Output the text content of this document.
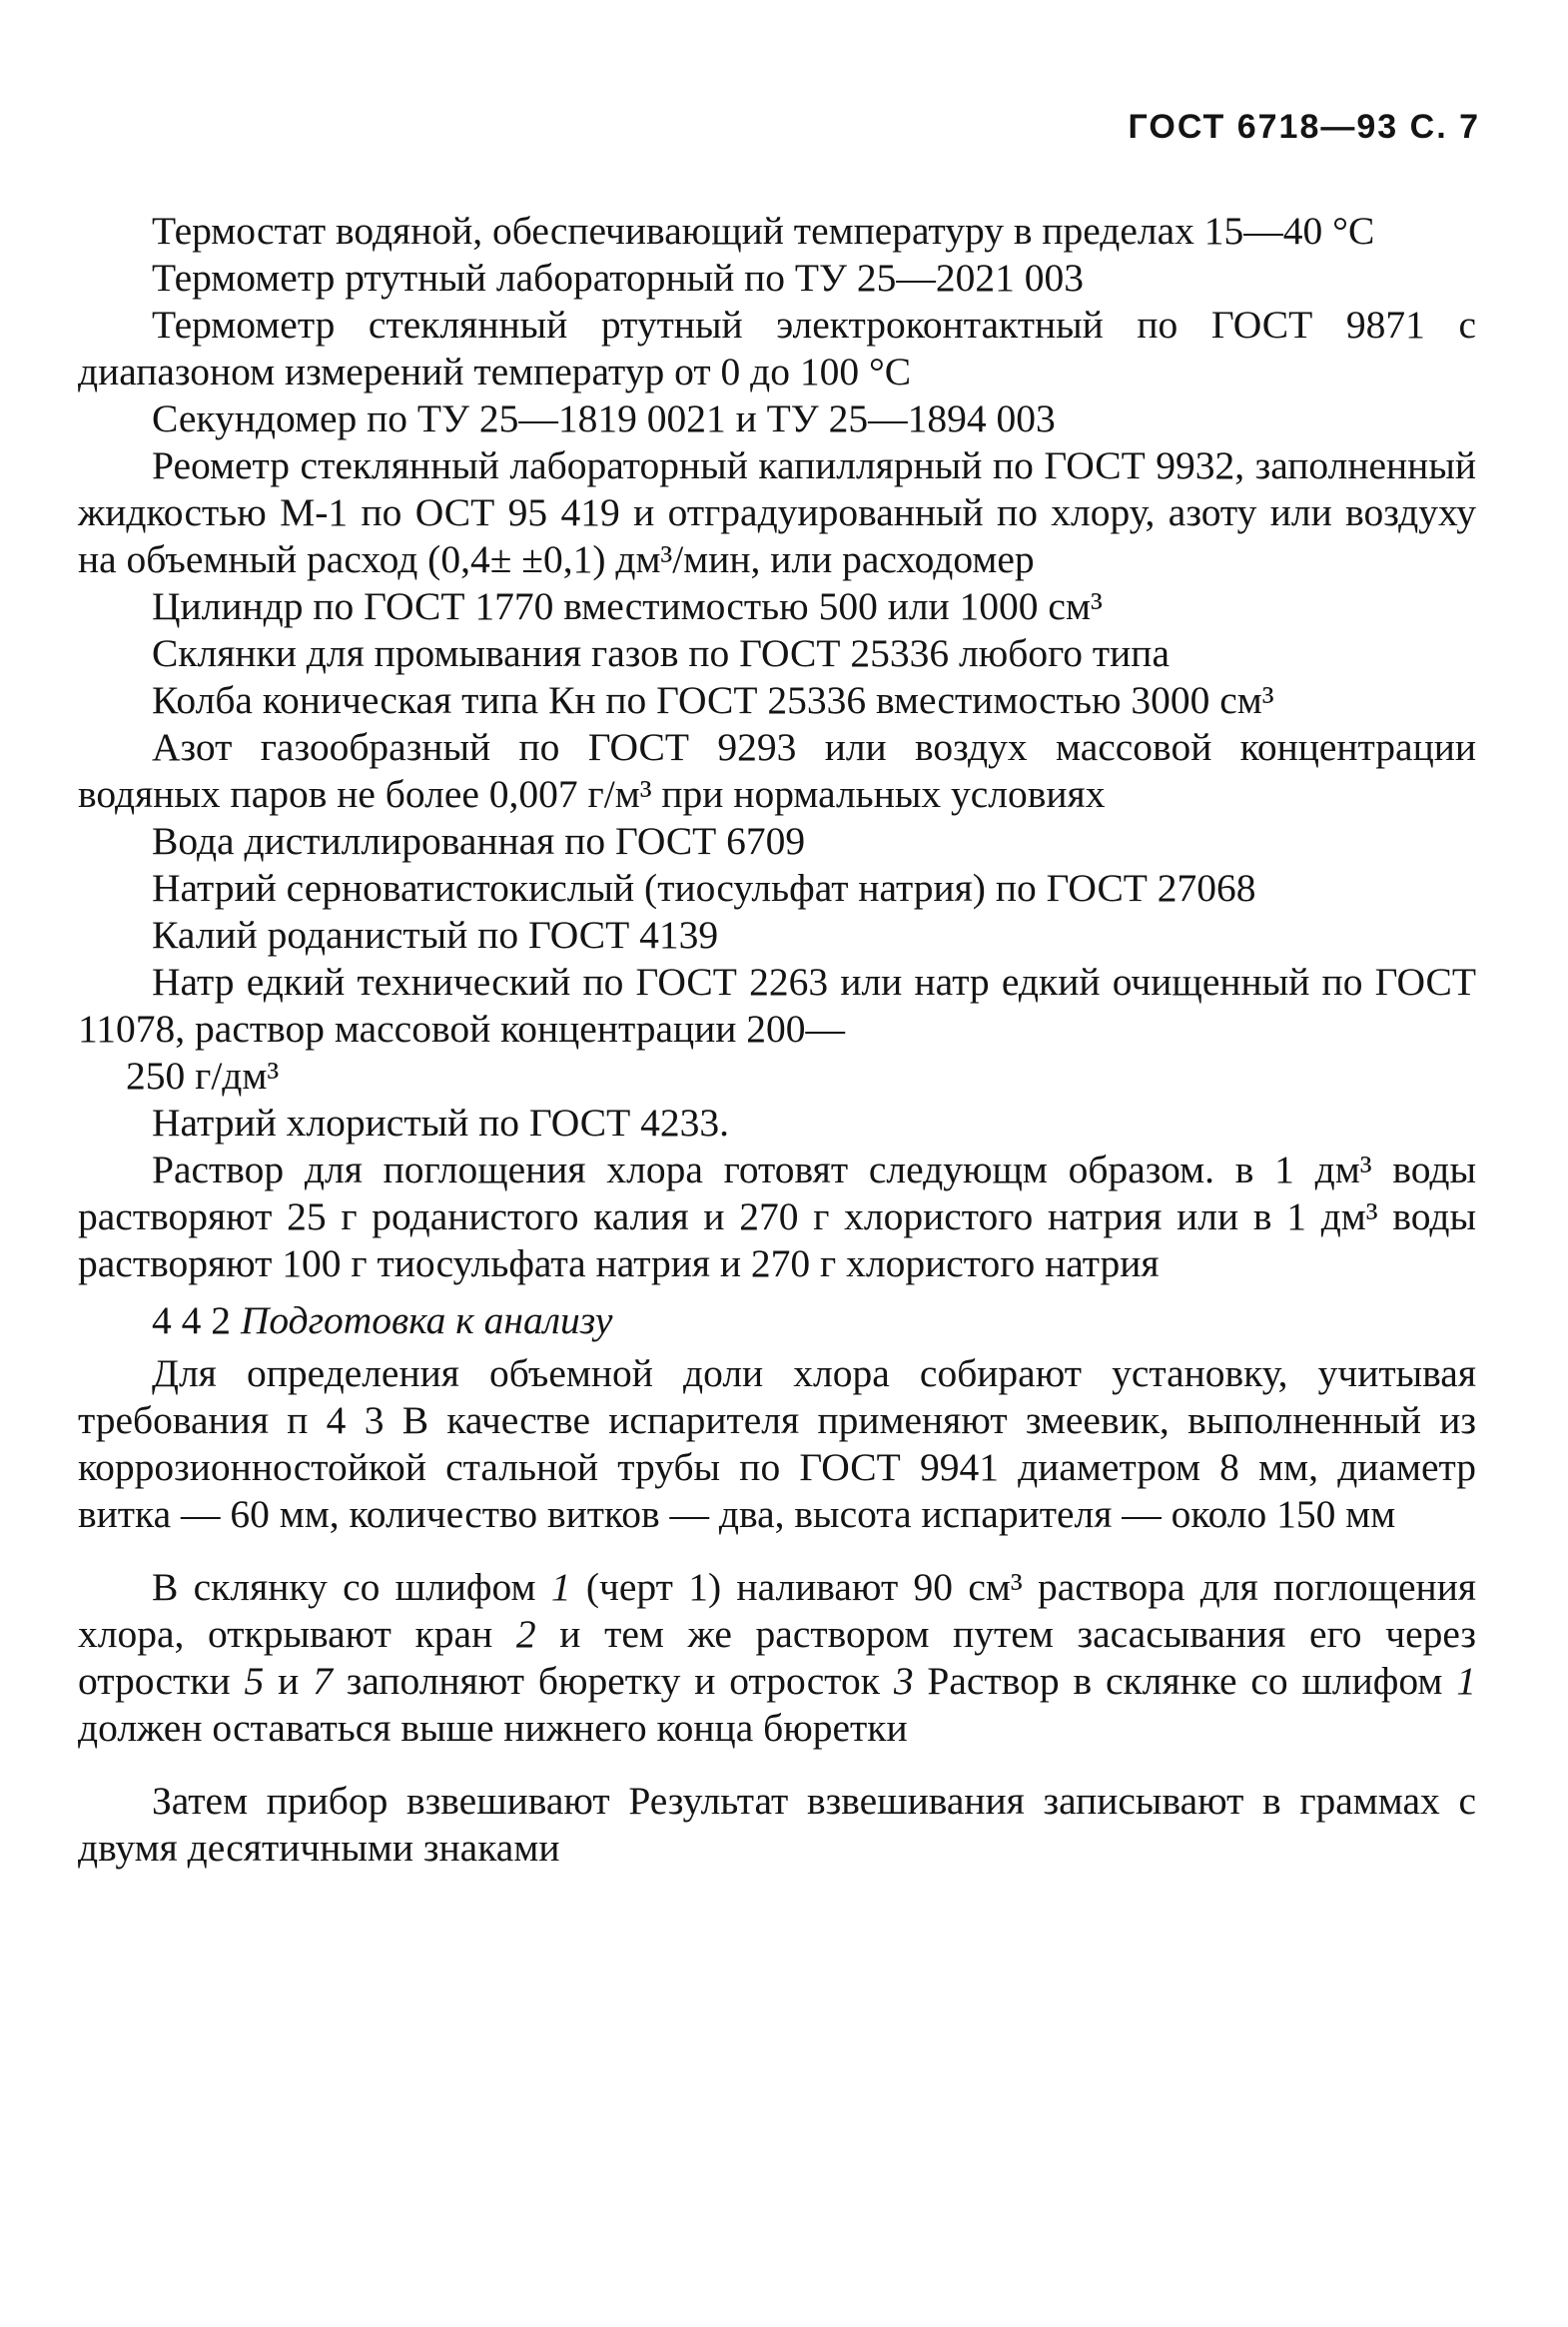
ГОСТ 6718—93 С. 7

Термостат водяной, обеспечивающий температуру в пределах 15—40 °С

Термометр ртутный лабораторный по ТУ 25—2021 003

Термометр стеклянный ртутный электроконтактный по ГОСТ 9871 с диапазоном измерений температур от 0 до 100 °С

Секундомер по ТУ 25—1819 0021 и ТУ 25—1894 003

Реометр стеклянный лабораторный капиллярный по ГОСТ 9932, заполненный жидкостью М-1 по ОСТ 95 419 и отградуированный по хлору, азоту или воздуху на объемный расход (0,4± ±0,1) дм³/мин, или расходомер

Цилиндр по ГОСТ 1770 вместимостью 500 или 1000 см³

Склянки для промывания газов по ГОСТ 25336 любого типа

Колба коническая типа Кн по ГОСТ 25336 вместимостью 3000 см³

Азот газообразный по ГОСТ 9293 или воздух массовой концентрации водяных паров не более 0,007 г/м³ при нормальных условиях

Вода дистиллированная по ГОСТ 6709

Натрий серноватистокислый (тиосульфат натрия) по ГОСТ 27068

Калий роданистый по ГОСТ 4139

Натр едкий технический по ГОСТ 2263 или натр едкий очищенный по ГОСТ 11078, раствор массовой концентрации 200—

250 г/дм³

Натрий хлористый по ГОСТ 4233.

Раствор для поглощения хлора готовят следующм образом. в 1 дм³ воды растворяют 25 г роданистого калия и 270 г хлористого натрия или в 1 дм³ воды растворяют 100 г тиосульфата натрия и 270 г хлористого натрия

4 4 2 Подготовка к анализу

Для определения объемной доли хлора собирают установку, учитывая требования п 4 3 В качестве испарителя применяют змеевик, выполненный из коррозионностойкой стальной трубы по ГОСТ 9941 диаметром 8 мм, диаметр витка — 60 мм, количество витков — два, высота испарителя — около 150 мм

В склянку со шлифом 1 (черт 1) наливают 90 см³ раствора для поглощения хлора, открывают кран 2 и тем же раствором путем засасывания его через отростки 5 и 7 заполняют бюретку и отросток 3 Раствор в склянке со шлифом 1 должен оставаться выше нижнего конца бюретки

Затем прибор взвешивают Результат взвешивания записывают в граммах с двумя десятичными знаками
